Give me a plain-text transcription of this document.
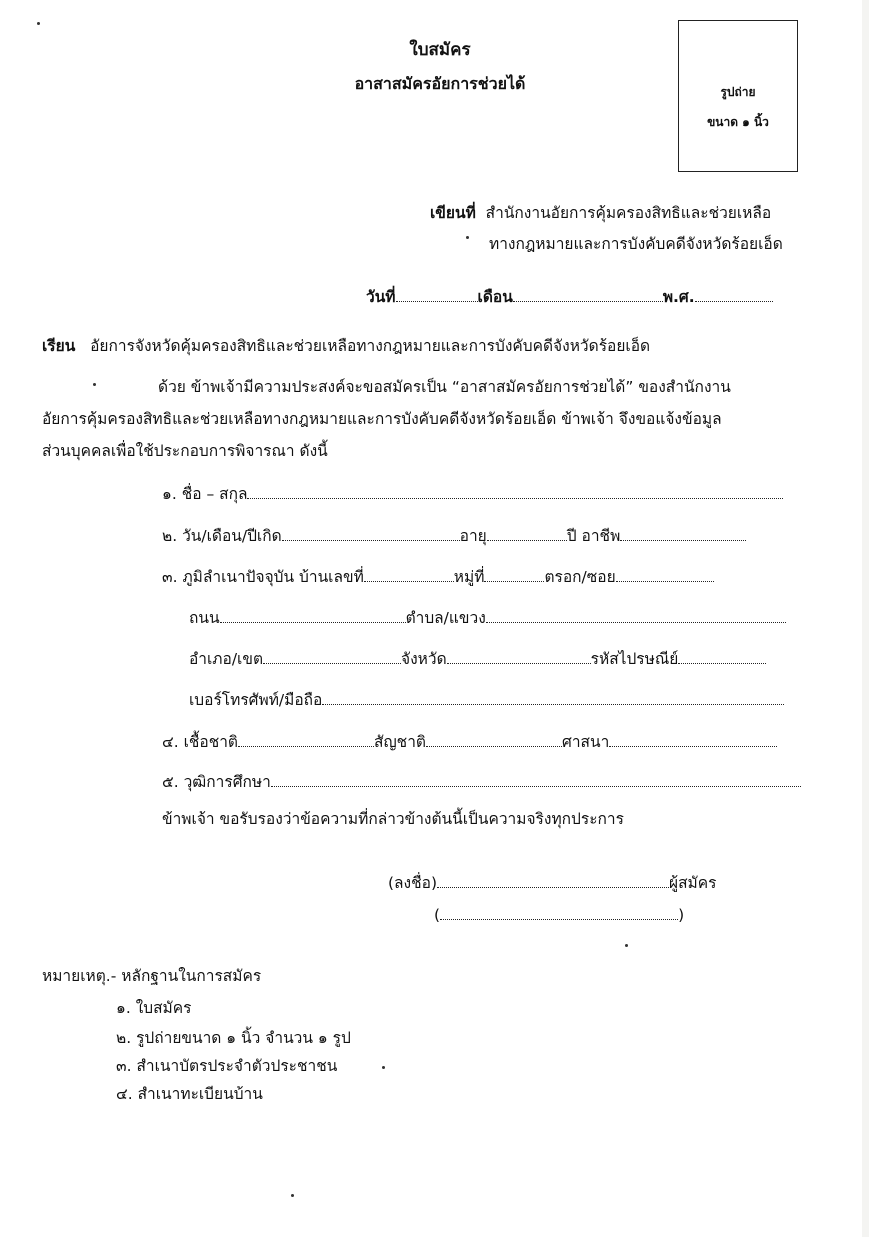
ใบสมัคร
อาสาสมัครอัยการช่วยได้	รูปถ่าย
ขนาด ๑ นิ้ว
เขียนที่ สำนักงานอัยการคุ้มครองสิทธิและช่วยเหลือ
ทางกฎหมายและการบังคับคดีจังหวัดร้อยเอ็ด
วันที่	เดือน	พ.ศ.
เรียน อัยการจังหวัดคุ้มครองสิทธิและช่วยเหลือทางกฎหมายและการบังคับคดีจังหวัดร้อยเอ็ด
ด้วย ข้าพเจ้ามีความประสงค์จะขอสมัครเป็น “อาสาสมัครอัยการช่วยได้” ของสำนักงาน
อัยการคุ้มครองสิทธิและช่วยเหลือทางกฎหมายและการบังคับคดีจังหวัดร้อยเอ็ด ข้าพเจ้า จึงขอแจ้งข้อมูล
ส่วนบุคคลเพื่อใช้ประกอบการพิจารณา ดังนี้
๑. ชื่อ – สกุล
๒. วัน/เดือน/ปีเกิด	อายุ	ปี อาชีพ
๓. ภูมิลำเนาปัจจุบัน บ้านเลขที่	หมู่ที่	ตรอก/ซอย
ถนน	ตำบล/แขวง
อำเภอ/เขต	จังหวัด	รหัสไปรษณีย์
เบอร์โทรศัพท์/มือถือ
๔. เชื้อชาติ	สัญชาติ	ศาสนา
๕. วุฒิการศึกษา
ข้าพเจ้า ขอรับรองว่าข้อความที่กล่าวข้างต้นนี้เป็นความจริงทุกประการ
(ลงชื่อ)	ผู้สมัคร
(	)
หมายเหตุ.- หลักฐานในการสมัคร
๑. ใบสมัคร
๒. รูปถ่ายขนาด ๑ นิ้ว จำนวน ๑ รูป
๓. สำเนาบัตรประจำตัวประชาชน
๔. สำเนาทะเบียนบ้าน
